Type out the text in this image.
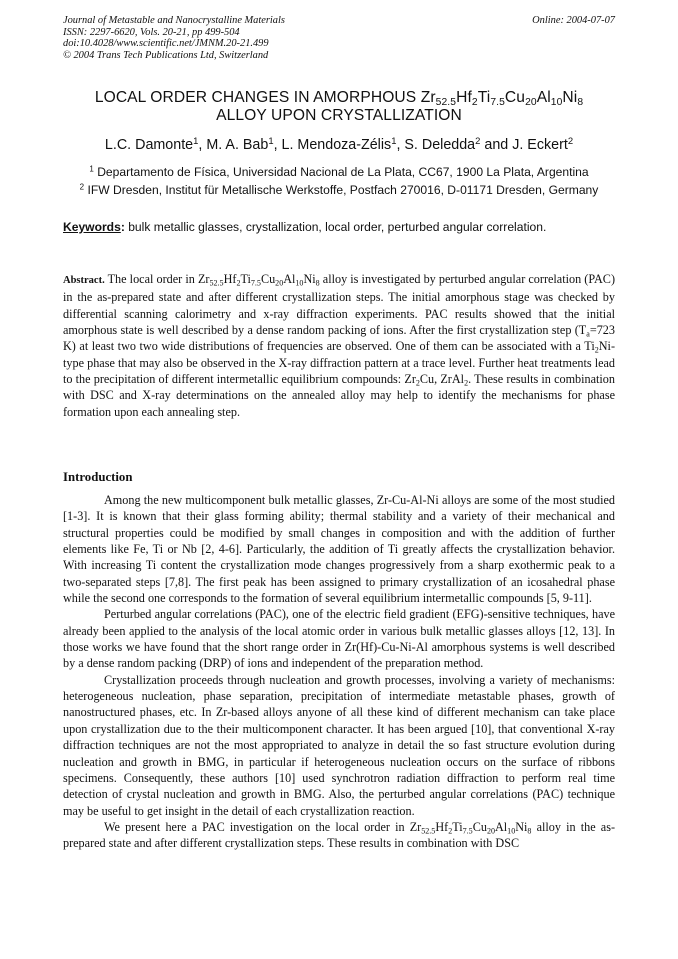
Journal of Metastable and Nanocrystalline Materials
ISSN: 2297-6620, Vols. 20-21, pp 499-504
doi:10.4028/www.scientific.net/JMNM.20-21.499
© 2004 Trans Tech Publications Ltd, Switzerland
Online: 2004-07-07
LOCAL ORDER CHANGES IN AMORPHOUS $Zr_{52.5}Hf_2Ti_{7.5}Cu_{20}Al_{10}Ni_8$
ALLOY UPON CRYSTALLIZATION
L.C. Damonte$^1$, M. A. Bab$^1$, L. Mendoza-Zélis$^1$, S. Deledda$^2$ and J. Eckert$^2$
$^1$ Departamento de Física, Universidad Nacional de La Plata, CC67, 1900 La Plata, Argentina
$^2$ IFW Dresden, Institut für Metallische Werkstoffe, Postfach 270016, D-01171 Dresden, Germany
Keywords: bulk metallic glasses, crystallization, local order, perturbed angular correlation.
Abstract. The local order in $Zr_{52.5}Hf_2Ti_{7.5}Cu_{20}Al_{10}Ni_8$ alloy is investigated by perturbed angular correlation (PAC) in the as-prepared state and after different crystallization steps. The initial amorphous stage was checked by differential scanning calorimetry and x-ray diffraction experiments. PAC results showed that the initial amorphous state is well described by a dense random packing of ions. After the first crystallization step ($T_a=723$ K) at least two two wide distributions of frequencies are observed. One of them can be associated with a $Ti_2Ni$-type phase that may also be observed in the X-ray diffraction pattern at a trace level. Further heat treatments lead to the precipitation of different intermetallic equilibrium compounds: $Zr_2Cu$, ZrAl$_2$. These results in combination with DSC and X-ray determinations on the annealed alloy may help to identify the mechanisms for phase formation upon each annealing step.
Introduction

Among the new multicomponent bulk metallic glasses, Zr-Cu-Al-Ni alloys are some of the most studied [1-3]. It is known that their glass forming ability; thermal stability and a variety of their mechanical and structural properties could be modified by small changes in composition and with the addition of further elements like Fe, Ti or Nb [2, 4-6]. Particularly, the addition of Ti greatly affects the crystallization behavior. With increasing Ti content the crystallization mode changes progressively from a sharp exothermic peak to a two-separated steps [7,8]. The first peak has been assigned to primary crystallization of an icosahedral phase while the second one corresponds to the formation of several equilibrium intermetallic compounds [5, 9-11].

Perturbed angular correlations (PAC), one of the electric field gradient (EFG)-sensitive techniques, have already been applied to the analysis of the local atomic order in various bulk metallic glasses alloys [12, 13]. In those works we have found that the short range order in Zr(Hf)-Cu-Ni-Al amorphous systems is well described by a dense random packing (DRP) of ions and independent of the preparation method.

Crystallization proceeds through nucleation and growth processes, involving a variety of mechanisms: heterogeneous nucleation, phase separation, precipitation of intermediate metastable phases, growth of nanostructured phases, etc. In Zr-based alloys anyone of all these kind of different mechanism can take place upon crystallization due to the their multicomponent character. It has been argued [10], that conventional X-ray diffraction techniques are not the most appropriated to analyze in detail the so fast structure evolution during nucleation and growth in BMG, in particular if heterogeneous nucleation occurs on the surface of ribbons specimens. Consequently, these authors [10] used synchrotron radiation diffraction to perform real time detection of crystal nucleation and growth in BMG. Also, the perturbed angular correlations (PAC) technique may be useful to get insight in the detail of each crystallization reaction.

We present here a PAC investigation on the local order in $Zr_{52.5}Hf_2Ti_{7.5}Cu_{20}Al_{10}Ni_8$ alloy in the as-prepared state and after different crystallization steps. These results in combination with DSC
